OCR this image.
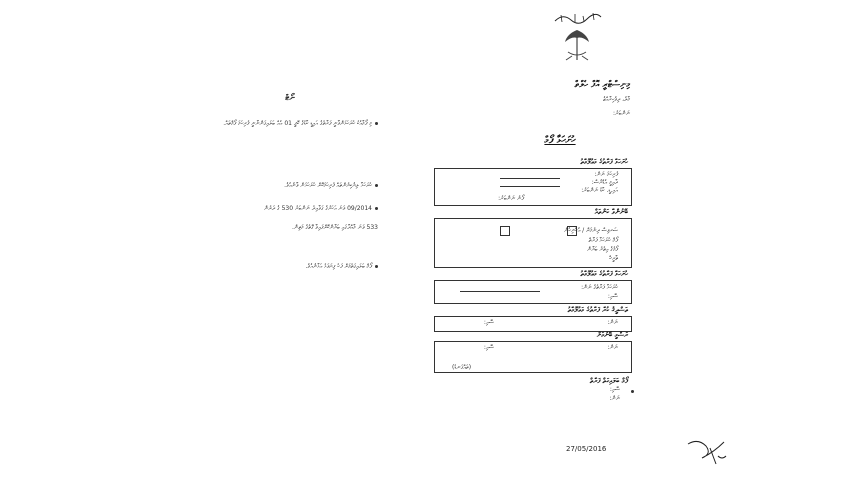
މިނިސްޓްރީ އޮފް ހެލްތް
މާލެ، ދިވެހިރާއްޖެ
ނަންބަރު:
ނޯޓް
މި ފޯމާއެކު ހުށަހަޅަންވާނީ ފަރާތުގެ އައިޑީ ކާޑުގެ ކޮޕީ 01 އެއް ބަލައިގަންނާނީ ފުރިހަމަ ފޯމްތައް.
ހުށަހަޅާ ލިޔެކިޔުންތައް ފުރިހަމަކޮށް ހުށަހަޅަން ވާނެއެވެ.
09/2014 ވަނަ އަހަރުގެ ގަވާއިދު ނަންބަރު 530 ގެ ދަށުން
533 ވަނަ މާއްދާގައި ބަޔާންކޮށްފައިވާ ގޮތުގެ މަތިން.
ފޯމް ބަލައިގަތުމަށް ފަހު ފިޔަވަޅު އަޅާނެއެވެ.
ހުށަހަޅާ ފޯމް
ހުށަހަޅާ ފަރާތުގެ މަޢުލޫމާތު
ފުރިހަމަ ނަން:
ދާއިމީ އެޑްރެސް:
އައި.ޑީ. ކާޑު ނަންބަރު:
ފޯނު ނަންބަރު:
ބޭނުންވާ ކަންތައް
ސަރވިސް ދިނުމަށް / އެހެނިހެން
ފޯމް ހުށަހަޅާ ފަރާތް
ފޯމުގެ އިތުރު ބަޔާން
ތާރީޚް
ހުށަހަޅާ ފަރާތުގެ މަޢުލޫމާތު
ހުށަހަޅާ ފަރާތުގެ ނަން:
ސޮއި:
ތަސްދީޤު ކުރާ ފަރާތުގެ މަޢުލޫމާތު
ނަން:
ސޮއި:
ރަސްމީ ބޭނުމަށް
ނަން:
ސޮއި:
(ތައްގަނޑު)
ފޯމް ބަލައިގަތް ފަރާތް
ސޮއި:
ނަން:
27/05/2016
